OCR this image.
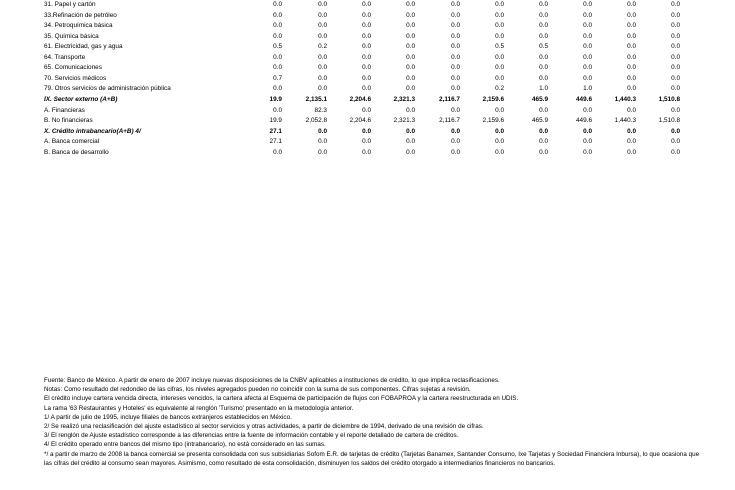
31. Papel y cartón	0.0	0.0	0.0	0.0	0.0	0.0	0.0	0.0	0.0	0.0
33.Refinación de petróleo	0.0	0.0	0.0	0.0	0.0	0.0	0.0	0.0	0.0	0.0
34. Petroquímica básica	0.0	0.0	0.0	0.0	0.0	0.0	0.0	0.0	0.0	0.0
35. Química básica	0.0	0.0	0.0	0.0	0.0	0.0	0.0	0.0	0.0	0.0
61. Electricidad, gas y agua	0.5	0.2	0.0	0.0	0.0	0.5	0.5	0.0	0.0	0.0
64. Transporte	0.0	0.0	0.0	0.0	0.0	0.0	0.0	0.0	0.0	0.0
65. Comunicaciones	0.0	0.0	0.0	0.0	0.0	0.0	0.0	0.0	0.0	0.0
70. Servicios médicos	0.7	0.0	0.0	0.0	0.0	0.0	0.0	0.0	0.0	0.0
79. Otros servicios de administración pública	0.0	0.0	0.0	0.0	0.0	0.2	1.0	1.0	0.0	0.0
IX. Sector externo (A+B)	19.9	2,135.1	2,204.6	2,321.3	2,116.7	2,159.6	465.9	449.6	1,440.3	1,510.8
A. Financieras	0.0	82.3	0.0	0.0	0.0	0.0	0.0	0.0	0.0	0.0
B. No financieras	19.9	2,052.8	2,204.6	2,321.3	2,116.7	2,159.6	465.9	449.6	1,440.3	1,510.8
X. Crédito intrabancario(A+B) 4/	27.1	0.0	0.0	0.0	0.0	0.0	0.0	0.0	0.0	0.0
A. Banca comercial	27.1	0.0	0.0	0.0	0.0	0.0	0.0	0.0	0.0	0.0
B. Banca de desarrollo	0.0	0.0	0.0	0.0	0.0	0.0	0.0	0.0	0.0	0.0
Fuente: Banco de México. A partir de enero de 2007 incluye nuevas disposiciones de la CNBV aplicables a instituciones de crédito, lo que implica reclasificaciones.
Notas: Como resultado del redondeo de las cifras, los niveles agregados pueden no coincidir con la suma de sus componentes. Cifras sujetas a revisión.
El crédito incluye cartera vencida directa, intereses vencidos, la cartera afecta al Esquema de participación de flujos con FOBAPROA y la cartera reestructurada en UDIS.
La rama '63 Restaurantes y Hoteles' es equivalente al renglón 'Turismo' presentado en la metodología anterior.
1/ A partir de julio de 1995, incluye filiales de bancos extranjeros establecidos en México.
2/ Se realizó una reclasificación del ajuste estadístico al sector servicios y otras actividades, a partir de diciembre de 1994, derivado de una revisión de cifras.
3/ El renglón de Ajuste estadístico corresponde a las diferencias entre la fuente de información contable y el reporte detallado de cartera de créditos.
4/ El crédito operado entre bancos del mismo tipo (intrabancario), no está considerado en las sumas.
*/ a partir de marzo de 2008 la banca comercial se presenta consolidada con sus subsidiarias Sofom E.R. de tarjetas de crédito (Tarjetas Banamex, Santander Consumo, Ixe Tarjetas y Sociedad Financiera Inbursa), lo que ocasiona que las cifras del crédito al consumo sean mayores. Asimismo, como resultado de esta consolidación, disminuyen los saldos del crédito otorgado a intermediarios financieros no bancarios.
